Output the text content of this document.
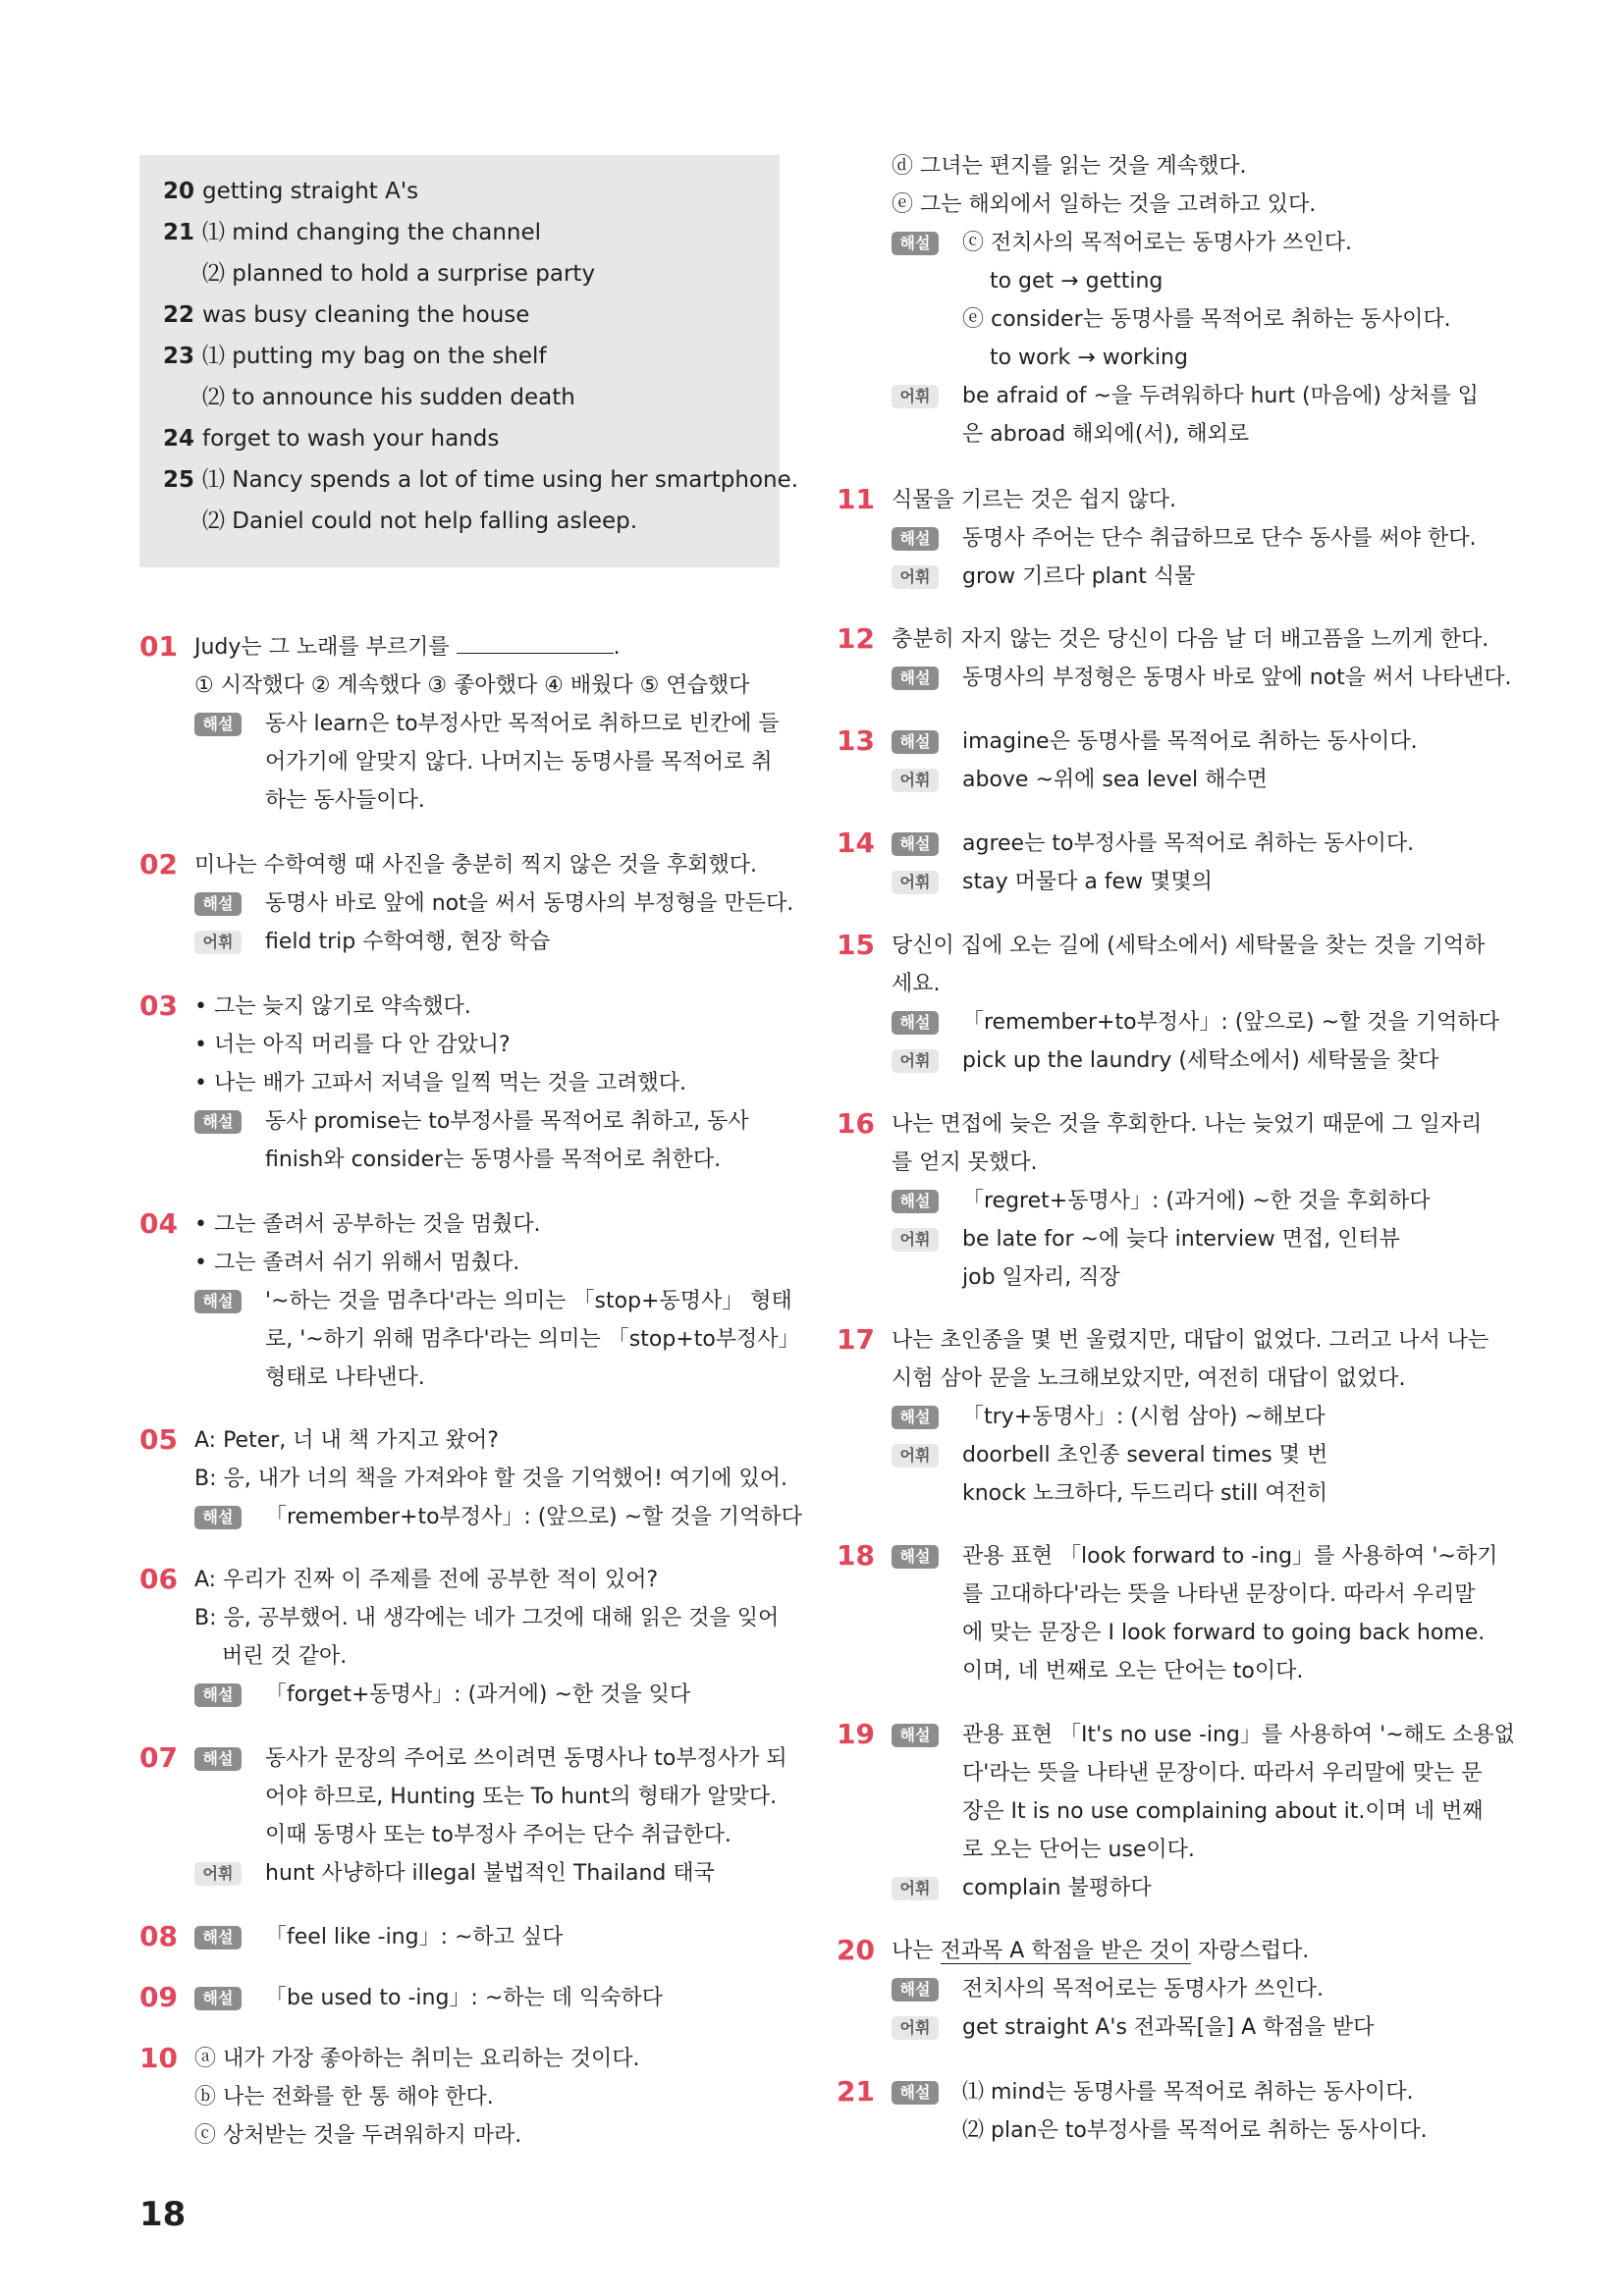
20 getting straight A's
21 ⑴ mind changing the channel
⑵ planned to hold a surprise party
22 was busy cleaning the house
23 ⑴ putting my bag on the shelf
⑵ to announce his sudden death
24 forget to wash your hands
25 ⑴ Nancy spends a lot of time using her smartphone.
⑵ Daniel could not help falling asleep.
01 Judy는 그 노래를 부르기를	.
① 시작했다 ② 계속했다 ③ 좋아했다 ④ 배웠다 ⑤ 연습했다
해설	동사 learn은 to부정사만 목적어로 취하므로 빈칸에 들
어가기에 알맞지 않다. 나머지는 동명사를 목적어로 취
하는 동사들이다.
02 미나는 수학여행 때 사진을 충분히 찍지 않은 것을 후회했다.
해설	동명사 바로 앞에 not을 써서 동명사의 부정형을 만든다.
어휘	field trip 수학여행, 현장 학습
03 • 그는 늦지 않기로 약속했다.
• 너는 아직 머리를 다 안 감았니?
• 나는 배가 고파서 저녁을 일찍 먹는 것을 고려했다.
해설	동사 promise는 to부정사를 목적어로 취하고, 동사
finish와 consider는 동명사를 목적어로 취한다.
04 • 그는 졸려서 공부하는 것을 멈췄다.
• 그는 졸려서 쉬기 위해서 멈췄다.
해설	'~하는 것을 멈추다'라는 의미는 「stop+동명사」 형태
로, '~하기 위해 멈추다'라는 의미는 「stop+to부정사」
형태로 나타낸다.
05 A: Peter, 너 내 책 가지고 왔어?
B: 응, 내가 너의 책을 가져와야 할 것을 기억했어! 여기에 있어.
해설	「remember+to부정사」: (앞으로) ~할 것을 기억하다
06 A: 우리가 진짜 이 주제를 전에 공부한 적이 있어?
B: 응, 공부했어. 내 생각에는 네가 그것에 대해 읽은 것을 잊어
버린 것 같아.
해설	「forget+동명사」: (과거에) ~한 것을 잊다
07	해설	동사가 문장의 주어로 쓰이려면 동명사나 to부정사가 되
어야 하므로, Hunting 또는 To hunt의 형태가 알맞다.
이때 동명사 또는 to부정사 주어는 단수 취급한다.
어휘	hunt 사냥하다 illegal 불법적인 Thailand 태국
08	해설	「feel like -ing」: ~하고 싶다
09	해설	「be used to -ing」: ~하는 데 익숙하다
10 ⓐ 내가 가장 좋아하는 취미는 요리하는 것이다.
ⓑ 나는 전화를 한 통 해야 한다.
ⓒ 상처받는 것을 두려워하지 마라.
ⓓ 그녀는 편지를 읽는 것을 계속했다.
ⓔ 그는 해외에서 일하는 것을 고려하고 있다.
해설	ⓒ 전치사의 목적어로는 동명사가 쓰인다.
to get → getting
ⓔ consider는 동명사를 목적어로 취하는 동사이다.
to work → working
어휘	be afraid of ~을 두려워하다 hurt (마음에) 상처를 입
은 abroad 해외에(서), 해외로
11 식물을 기르는 것은 쉽지 않다.
해설	동명사 주어는 단수 취급하므로 단수 동사를 써야 한다.
어휘	grow 기르다 plant 식물
12 충분히 자지 않는 것은 당신이 다음 날 더 배고픔을 느끼게 한다.
해설	동명사의 부정형은 동명사 바로 앞에 not을 써서 나타낸다.
13	해설	imagine은 동명사를 목적어로 취하는 동사이다.
어휘	above ~위에 sea level 해수면
14	해설	agree는 to부정사를 목적어로 취하는 동사이다.
어휘	stay 머물다 a few 몇몇의
15 당신이 집에 오는 길에 (세탁소에서) 세탁물을 찾는 것을 기억하
세요.
해설	「remember+to부정사」: (앞으로) ~할 것을 기억하다
어휘	pick up the laundry (세탁소에서) 세탁물을 찾다
16 나는 면접에 늦은 것을 후회한다. 나는 늦었기 때문에 그 일자리
를 얻지 못했다.
해설	「regret+동명사」: (과거에) ~한 것을 후회하다
어휘	be late for ~에 늦다 interview 면접, 인터뷰
job 일자리, 직장
17 나는 초인종을 몇 번 울렸지만, 대답이 없었다. 그러고 나서 나는
시험 삼아 문을 노크해보았지만, 여전히 대답이 없었다.
해설	「try+동명사」: (시험 삼아) ~해보다
어휘	doorbell 초인종 several times 몇 번
knock 노크하다, 두드리다 still 여전히
18	해설	관용 표현 「look forward to -ing」를 사용하여 '~하기
를 고대하다'라는 뜻을 나타낸 문장이다. 따라서 우리말
에 맞는 문장은 I look forward to going back home.
이며, 네 번째로 오는 단어는 to이다.
19	해설	관용 표현 「It's no use -ing」를 사용하여 '~해도 소용없
다'라는 뜻을 나타낸 문장이다. 따라서 우리말에 맞는 문
장은 It is no use complaining about it.이며 네 번째
로 오는 단어는 use이다.
어휘	complain 불평하다
20 나는 전과목 A 학점을 받은 것이 자랑스럽다.
해설	전치사의 목적어로는 동명사가 쓰인다.
어휘	get straight A's 전과목[을] A 학점을 받다
21	해설	⑴ mind는 동명사를 목적어로 취하는 동사이다.
⑵ plan은 to부정사를 목적어로 취하는 동사이다.
18
